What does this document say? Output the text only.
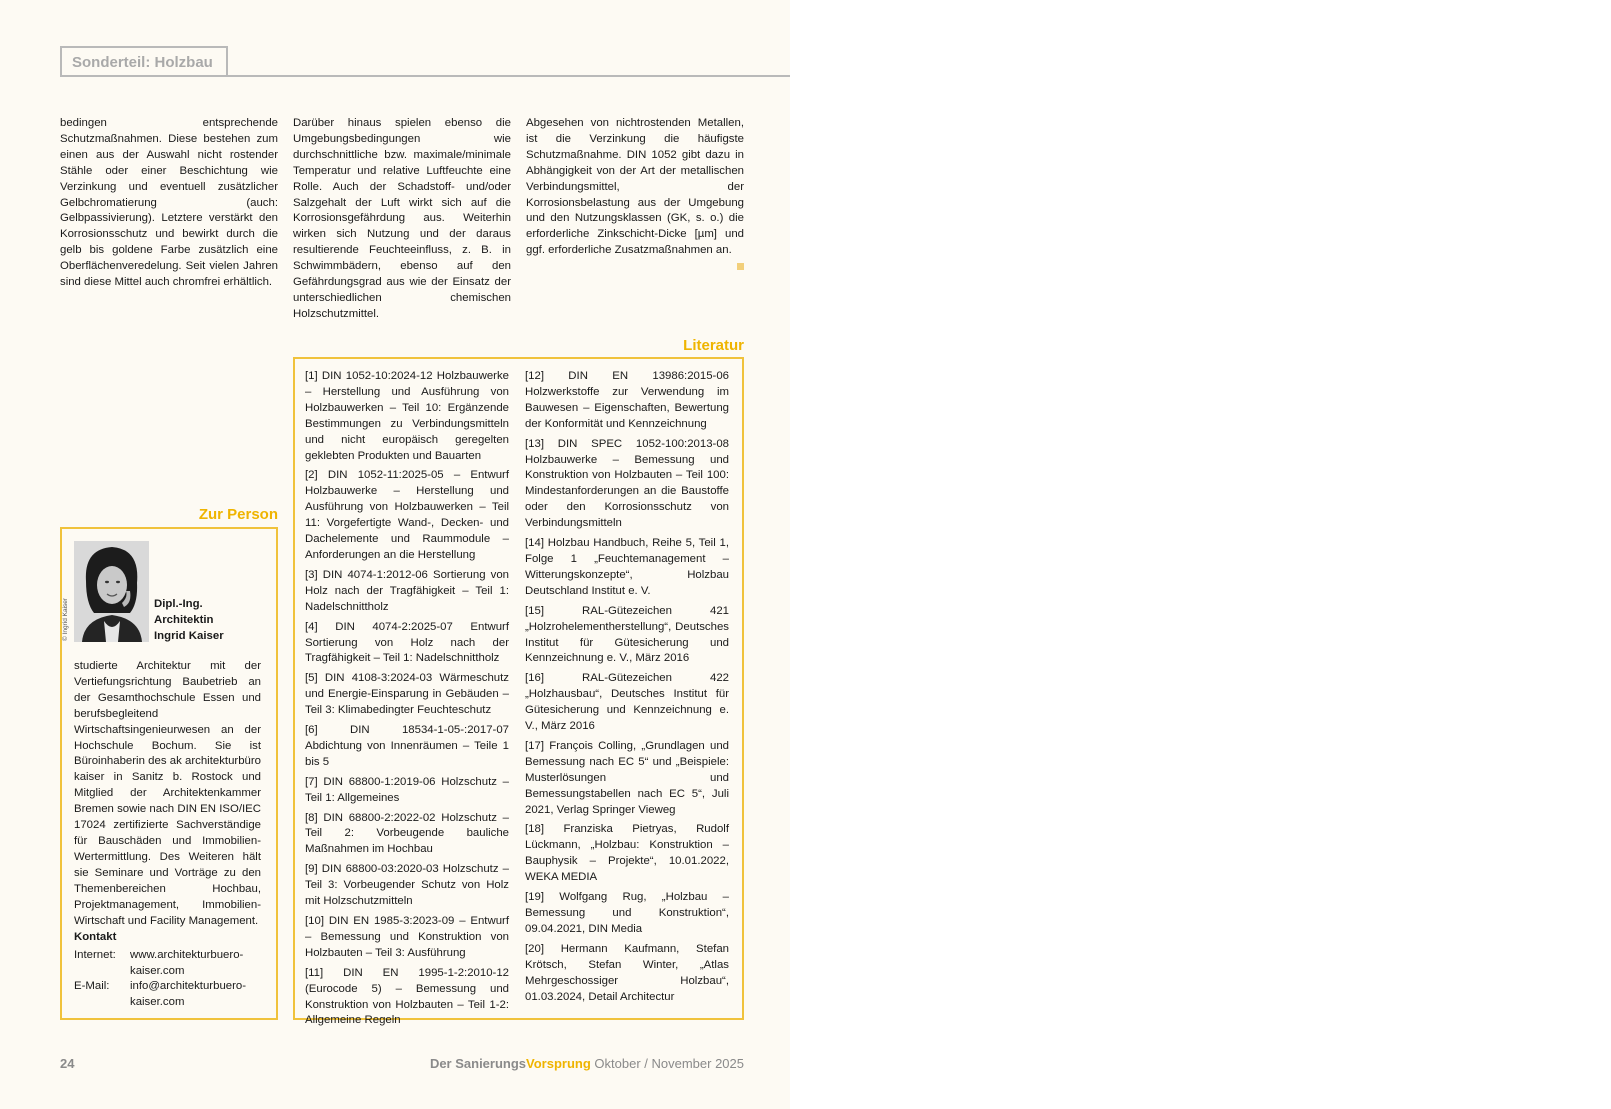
Sonderteil: Holzbau
bedingen entsprechende Schutzmaßnahmen. Diese bestehen zum einen aus der Auswahl nicht rostender Stähle oder einer Beschichtung wie Verzinkung und eventuell zusätzlicher Gelbchromatierung (auch: Gelbpassivierung). Letztere verstärkt den Korrosionsschutz und bewirkt durch die gelb bis goldene Farbe zusätzlich eine Oberflächenveredelung. Seit vielen Jahren sind diese Mittel auch chromfrei erhältlich.
Darüber hinaus spielen ebenso die Umgebungsbedingungen wie durchschnittliche bzw. maximale/minimale Temperatur und relative Luftfeuchte eine Rolle. Auch der Schadstoff- und/oder Salzgehalt der Luft wirkt sich auf die Korrosionsgefährdung aus. Weiterhin wirken sich Nutzung und der daraus resultierende Feuchteeinfluss, z. B. in Schwimmbädern, ebenso auf den Gefährdungsgrad aus wie der Einsatz der unterschiedlichen chemischen Holzschutzmittel.
Abgesehen von nichtrostenden Metallen, ist die Verzinkung die häufigste Schutzmaßnahme. DIN 1052 gibt dazu in Abhängigkeit von der Art der metallischen Verbindungsmittel, der Korrosionsbelastung aus der Umgebung und den Nutzungsklassen (GK, s. o.) die erforderliche Zinkschicht-Dicke [µm] und ggf. erforderliche Zusatzmaßnahmen an.
Literatur
[1] DIN 1052-10:2024-12 Holzbauwerke – Herstellung und Ausführung von Holzbauwerken – Teil 10: Ergänzende Bestimmungen zu Verbindungsmitteln und nicht europäisch geregelten geklebten Produkten und Bauarten
[2] DIN 1052-11:2025-05 – Entwurf Holzbauwerke – Herstellung und Ausführung von Holzbauwerken – Teil 11: Vorgefertigte Wand-, Decken- und Dachelemente und Raummodule – Anforderungen an die Herstellung
[3] DIN 4074-1:2012-06 Sortierung von Holz nach der Tragfähigkeit – Teil 1: Nadelschnittholz
[4] DIN 4074-2:2025-07 Entwurf Sortierung von Holz nach der Tragfähigkeit – Teil 1: Nadelschnittholz
[5] DIN 4108-3:2024-03 Wärmeschutz und Energie-Einsparung in Gebäuden – Teil 3: Klimabedingter Feuchteschutz
[6] DIN 18534-1-05-:2017-07 Abdichtung von Innenräumen – Teile 1 bis 5
[7] DIN 68800-1:2019-06 Holzschutz – Teil 1: Allgemeines
[8] DIN 68800-2:2022-02 Holzschutz – Teil 2: Vorbeugende bauliche Maßnahmen im Hochbau
[9] DIN 68800-03:2020-03 Holzschutz – Teil 3: Vorbeugender Schutz von Holz mit Holzschutzmitteln
[10] DIN EN 1985-3:2023-09 – Entwurf – Bemessung und Konstruktion von Holzbauten – Teil 3: Ausführung
[11] DIN EN 1995-1-2:2010-12 (Eurocode 5) – Bemessung und Konstruktion von Holzbauten – Teil 1-2: Allgemeine Regeln
[12] DIN EN 13986:2015-06 Holzwerkstoffe zur Verwendung im Bauwesen – Eigenschaften, Bewertung der Konformität und Kennzeichnung
[13] DIN SPEC 1052-100:2013-08 Holzbauwerke – Bemessung und Konstruktion von Holzbauten – Teil 100: Mindestanforderungen an die Baustoffe oder den Korrosionsschutz von Verbindungsmitteln
[14] Holzbau Handbuch, Reihe 5, Teil 1, Folge 1 „Feuchtemanagement – Witterungskonzepte“, Holzbau Deutschland Institut e. V.
[15] RAL-Gütezeichen 421 „Holzrohelementherstellung“, Deutsches Institut für Gütesicherung und Kennzeichnung e. V., März 2016
[16] RAL-Gütezeichen 422 „Holzhausbau“, Deutsches Institut für Gütesicherung und Kennzeichnung e. V., März 2016
[17] François Colling, „Grundlagen und Bemessung nach EC 5“ und „Beispiele: Musterlösungen und Bemessungstabellen nach EC 5“, Juli 2021, Verlag Springer Vieweg
[18] Franziska Pietryas, Rudolf Lückmann, „Holzbau: Konstruktion – Bauphysik – Projekte“, 10.01.2022, WEKA MEDIA
[19] Wolfgang Rug, „Holzbau – Bemessung und Konstruktion“, 09.04.2021, DIN Media
[20] Hermann Kaufmann, Stefan Krötsch, Stefan Winter, „Atlas Mehrgeschossiger Holzbau“, 01.03.2024, Detail Architectur
Zur Person
© Ingrid Kaiser	Dipl.-Ing.
Architektin
Ingrid Kaiser
studierte Architektur mit der Vertiefungsrichtung Baubetrieb an der Gesamthochschule Essen und berufsbegleitend Wirtschaftsingenieurwesen an der Hochschule Bochum. Sie ist Büroinhaberin des ak architekturbüro kaiser in Sanitz b. Rostock und Mitglied der Architektenkammer Bremen sowie nach DIN EN ISO/IEC 17024 zertifizierte Sachverständige für Bauschäden und Immobilien-Wertermittlung. Des Weiteren hält sie Seminare und Vorträge zu den Themenbereichen Hochbau, Projektmanagement, Immobilien-Wirtschaft und Facility Management.
Kontakt
Internet:	www.architekturbuero-kaiser.com
E-Mail:	info@architekturbuero-kaiser.com
24	Der SanierungsVorsprung Oktober / November 2025
